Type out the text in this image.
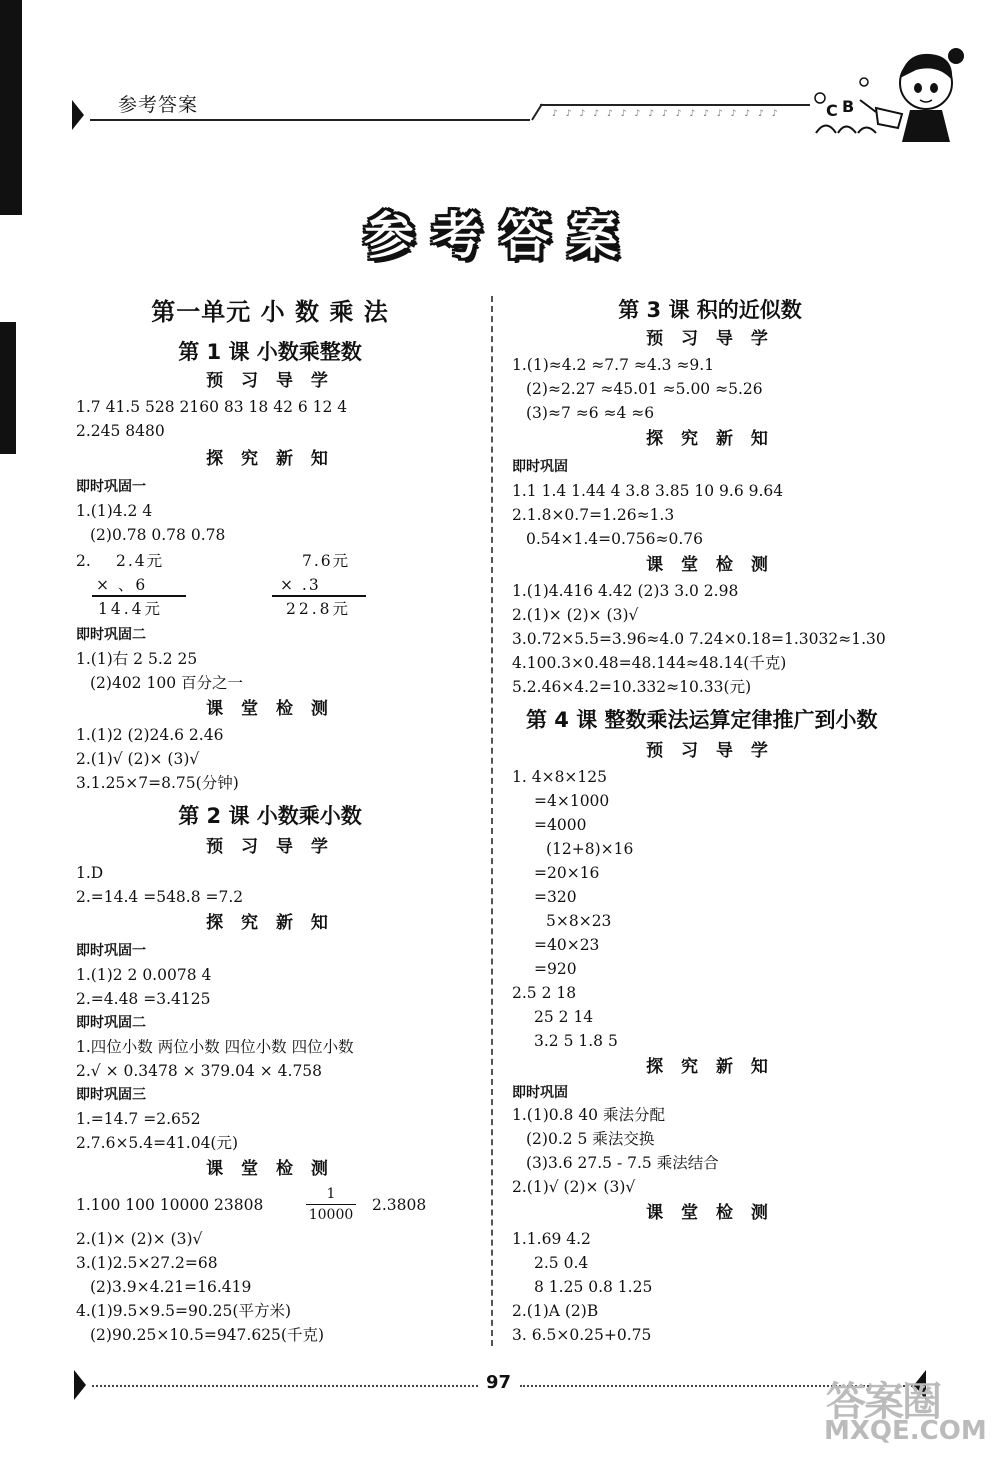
参考答案	♪♪♪♪♪♪♪♪♪♪♪♪♪♪♪♪♪	C B
参考答案
第一单元 小 数 乘 法
第 1 课 小数乘整数
预 习 导 学
1.7 41.5 528 2160 83 18 42 6 12 4
2.245 8480
探 究 新 知
即时巩固一
1.(1)4.2 4
(2)0.78 0.78 0.78
2. 2.4元
× 、6
14.4元
7.6元
× .3
22.8元
即时巩固二
1.(1)右 2 5.2 25
(2)402 100 百分之一
课 堂 检 测
1.(1)2 (2)24.6 2.46
2.(1)√ (2)× (3)√
3.1.25×7=8.75(分钟)
第 2 课 小数乘小数
预 习 导 学
1.D
2.=14.4 =548.8 =7.2
探 究 新 知
即时巩固一
1.(1)2 2 0.0078 4
2.=4.48 =3.4125
即时巩固二
1.四位小数 两位小数 四位小数 四位小数
2.√ × 0.3478 × 379.04 × 4.758
即时巩固三
1.=14.7 =2.652
2.7.6×5.4=41.04(元)
课 堂 检 测
1.100 100 10000 23808
1
10000
2.3808
2.(1)× (2)× (3)√
3.(1)2.5×27.2=68
(2)3.9×4.21=16.419
4.(1)9.5×9.5=90.25(平方米)
(2)90.25×10.5=947.625(千克)
第 3 课 积的近似数
预 习 导 学
1.(1)≈4.2 ≈7.7 ≈4.3 ≈9.1
(2)≈2.27 ≈45.01 ≈5.00 ≈5.26
(3)≈7 ≈6 ≈4 ≈6
探 究 新 知
即时巩固
1.1 1.4 1.44 4 3.8 3.85 10 9.6 9.64
2.1.8×0.7=1.26≈1.3
0.54×1.4=0.756≈0.76
课 堂 检 测
1.(1)4.416 4.42 (2)3 3.0 2.98
2.(1)× (2)× (3)√
3.0.72×5.5=3.96≈4.0 7.24×0.18=1.3032≈1.30
4.100.3×0.48=48.144≈48.14(千克)
5.2.46×4.2=10.332≈10.33(元)
第 4 课 整数乘法运算定律推广到小数
预 习 导 学
1. 4×8×125
=4×1000
=4000
(12+8)×16
=20×16
=320
5×8×23
=40×23
=920
2.5 2 18
25 2 14
3.2 5 1.8 5
探 究 新 知
即时巩固
1.(1)0.8 40 乘法分配
(2)0.2 5 乘法交换
(3)3.6 27.5 - 7.5 乘法结合
2.(1)√ (2)× (3)√
课 堂 检 测
1.1.69 4.2
2.5 0.4
8 1.25 0.8 1.25
2.(1)A (2)B
3. 6.5×0.25+0.75
97	答案圈
MXQE.COM
